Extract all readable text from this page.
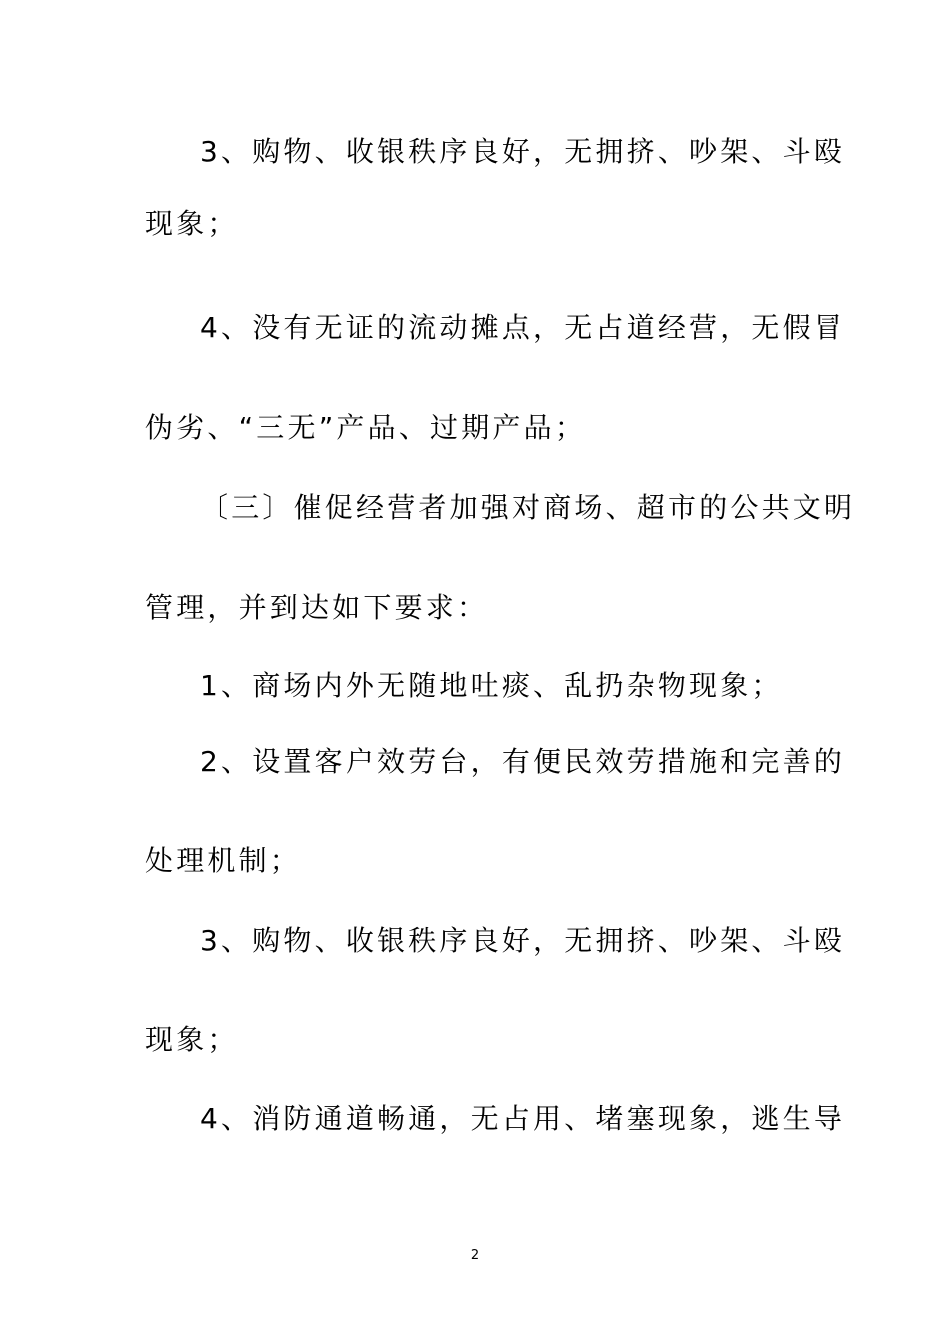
3、购物、收银秩序良好，无拥挤、吵架、斗殴
现象；
4、没有无证的流动摊点，无占道经营，无假冒
伪劣、“三无”产品、过期产品；
〔三〕催促经营者加强对商场、超市的公共文明
管理，并到达如下要求：
1、商场内外无随地吐痰、乱扔杂物现象；
2、设置客户效劳台，有便民效劳措施和完善的
处理机制；
3、购物、收银秩序良好，无拥挤、吵架、斗殴
现象；
4、消防通道畅通，无占用、堵塞现象，逃生导
2
